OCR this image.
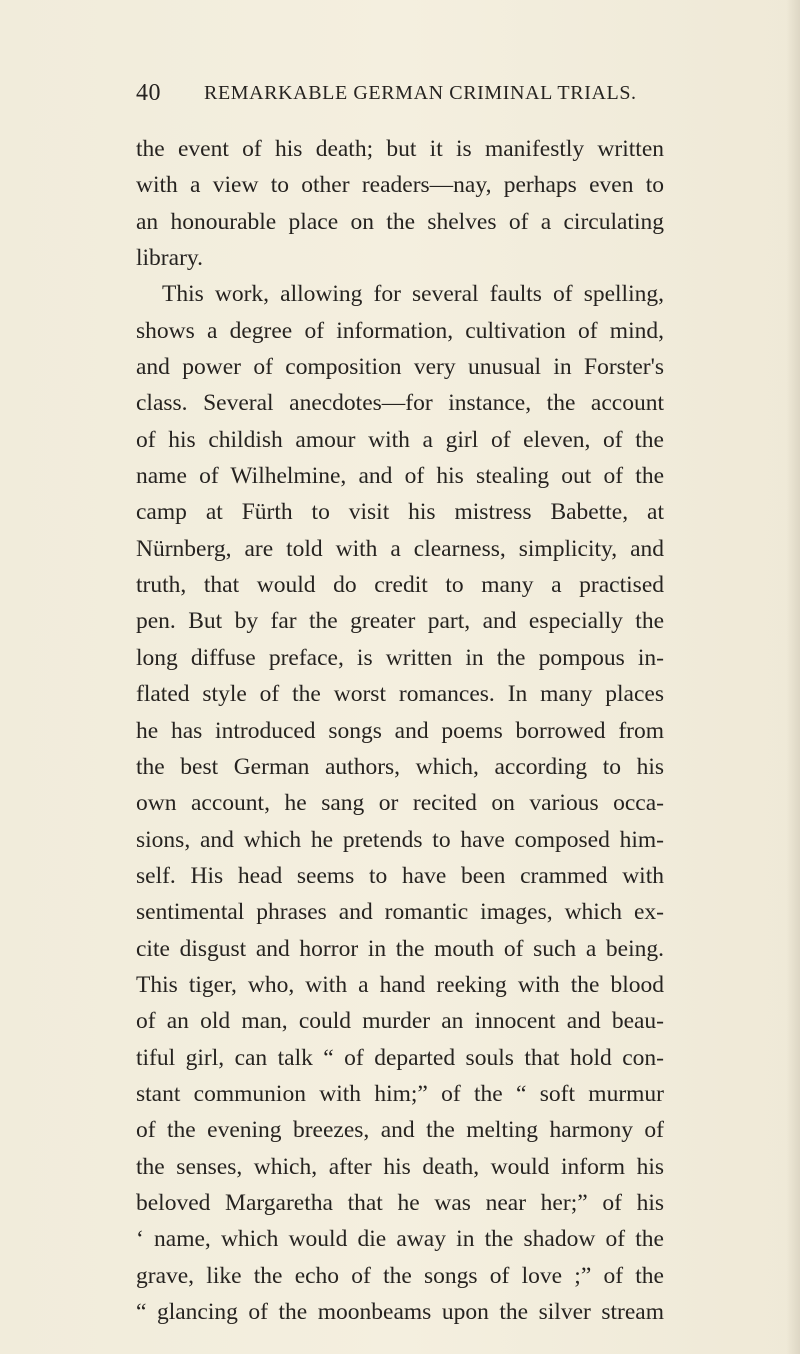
40 REMARKABLE GERMAN CRIMINAL TRIALS.
the event of his death; but it is manifestly written
with a view to other readers—nay, perhaps even to
an honourable place on the shelves of a circulating
library.
This work, allowing for several faults of spelling,
shows a degree of information, cultivation of mind,
and power of composition very unusual in Forster's
class. Several anecdotes—for instance, the account
of his childish amour with a girl of eleven, of the
name of Wilhelmine, and of his stealing out of the
camp at Fürth to visit his mistress Babette, at
Nürnberg, are told with a clearness, simplicity, and
truth, that would do credit to many a practised
pen. But by far the greater part, and especially the
long diffuse preface, is written in the pompous in-
flated style of the worst romances. In many places
he has introduced songs and poems borrowed from
the best German authors, which, according to his
own account, he sang or recited on various occa-
sions, and which he pretends to have composed him-
self. His head seems to have been crammed with
sentimental phrases and romantic images, which ex-
cite disgust and horror in the mouth of such a being.
This tiger, who, with a hand reeking with the blood
of an old man, could murder an innocent and beau-
tiful girl, can talk “ of departed souls that hold con-
stant communion with him;” of the “ soft murmur
of the evening breezes, and the melting harmony of
the senses, which, after his death, would inform his
beloved Margaretha that he was near her;” of his
‘ name, which would die away in the shadow of the
grave, like the echo of the songs of love ;” of the
“ glancing of the moonbeams upon the silver stream
